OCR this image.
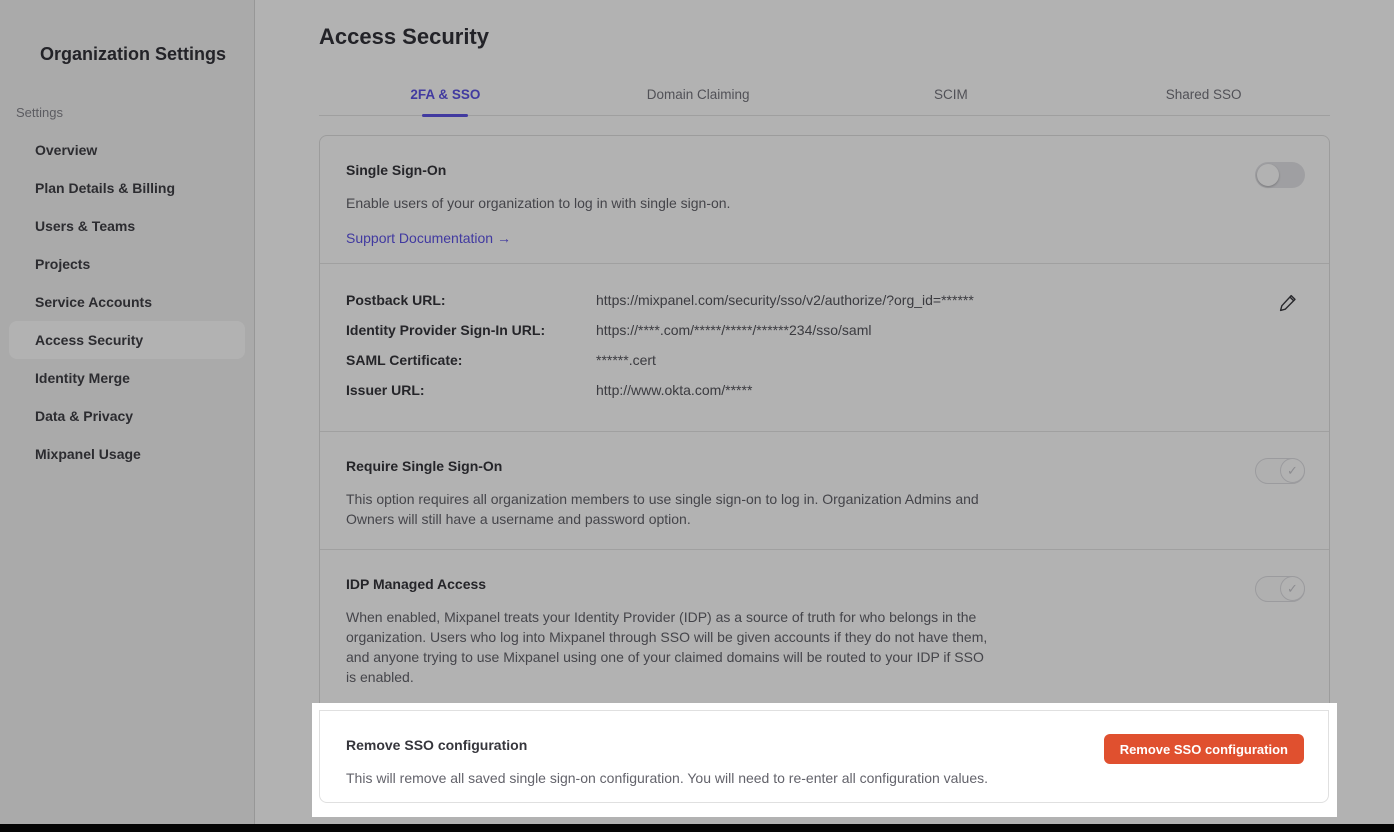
Organization Settings
Settings
Overview
Plan Details & Billing
Users & Teams
Projects
Service Accounts
Access Security
Identity Merge
Data & Privacy
Mixpanel Usage
Access Security
2FA & SSO	Domain Claiming	SCIM	Shared SSO
Single Sign-On

Enable users of your organization to log in with single sign-on.

Support Documentation →
Postback URL:	https://mixpanel.com/security/sso/v2/authorize/?org_id=******
Identity Provider Sign-In URL:	https://****.com/*****/*****/******234/sso/saml
SAML Certificate:	******.cert
Issuer URL:	http://www.okta.com/*****
Require Single Sign-On

This option requires all organization members to use single sign-on to log in. Organization Admins and Owners will still have a username and password option.

✓
IDP Managed Access

When enabled, Mixpanel treats your Identity Provider (IDP) as a source of truth for who belongs in the organization. Users who log into Mixpanel through SSO will be given accounts if they do not have them, and anyone trying to use Mixpanel using one of your claimed domains will be routed to your IDP if SSO is enabled.

✓
Remove SSO configuration

This will remove all saved single sign-on configuration. You will need to re-enter all configuration values.

Remove SSO configuration
